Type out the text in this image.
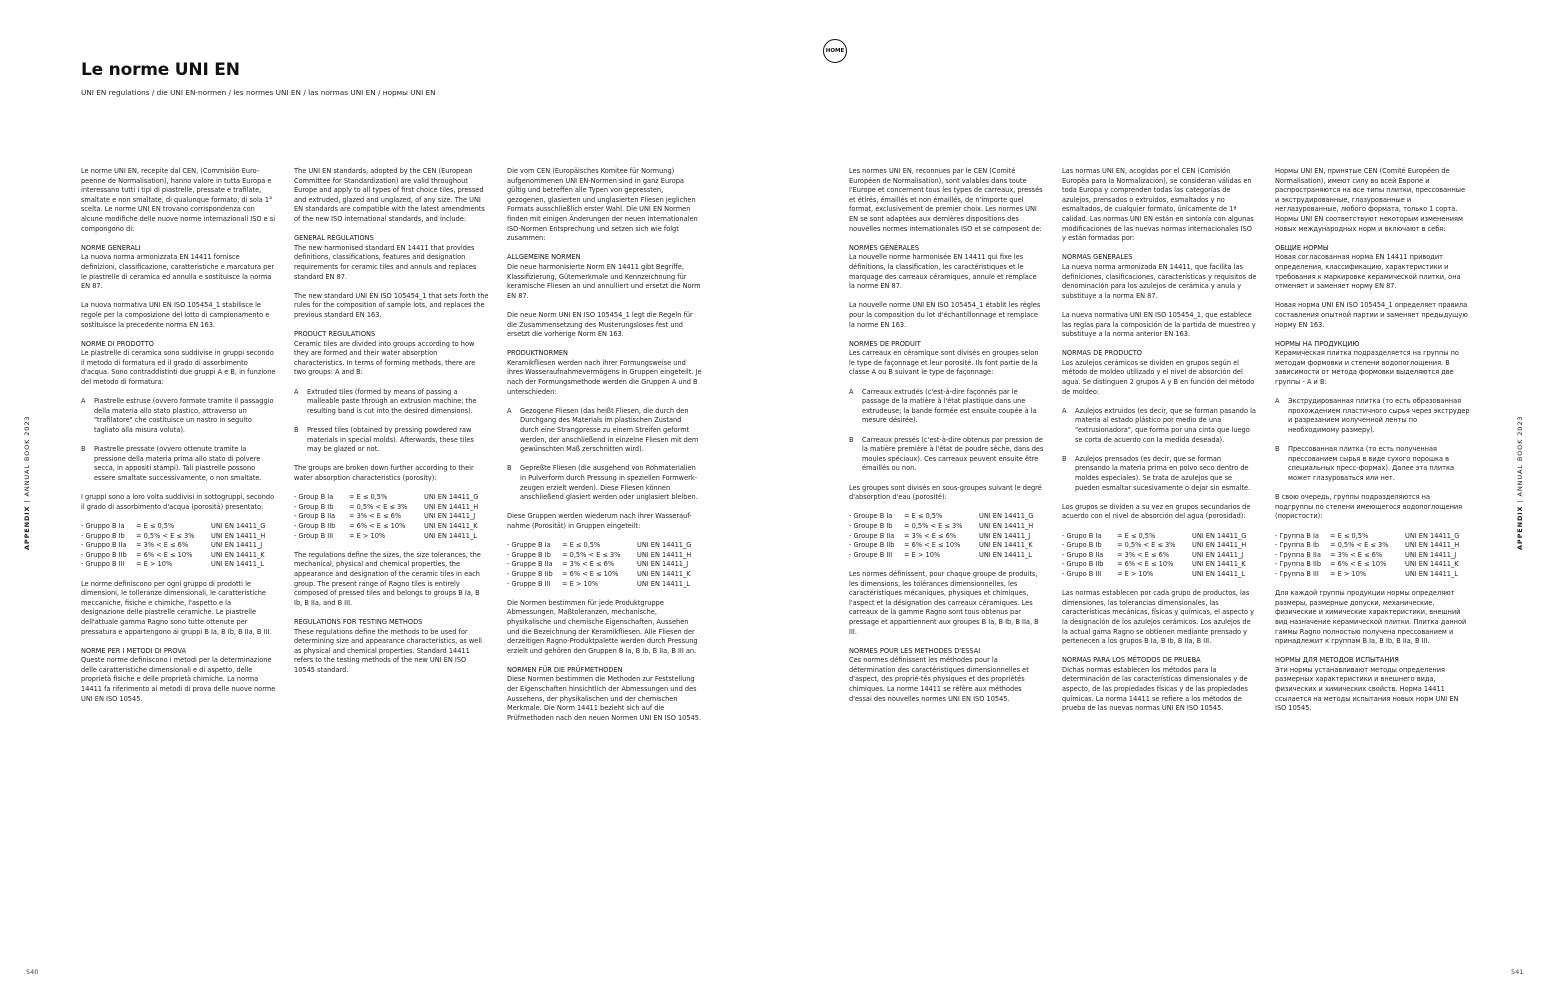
Le norme UNI EN

UNI EN regulations / die UNI EN-normen / les normes UNI EN / las normas UNI EN / нормы UNI EN

HOME
APPENDIX | ANNUAL BOOK 2023
APPENDIX | ANNUAL BOOK 2023
540	541

Le norme UNI EN, recepite dal CEN, (Commisiòn Euro-peenne de Normalisation), hanno valore in tutta Europa e interessano tutti i tipi di piastrelle, pressate e trafilate, smaltate e non smaltate, di qualunque formato, di sola 1° scelta. Le norme UNI EN trovano corrispondenza con alcune modifiche delle nuove norme internazionali ISO e si compongono di:

NORME GENERALI

La nuova norma armonizzata EN 14411 fornisce definizioni, classificazione, caratteristiche e marcatura per le piastrelle di ceramica ed annulla e sostituisce la norma EN 87.

La nuova normativa UNI EN ISO 105454_1 stabilisce le regole per la composizione del lotto di campionamento e sostituisce la precedente norma EN 163.

NORME DI PRODOTTO

Le piastrelle di ceramica sono suddivise in gruppi secondo il metodo di formatura ed il grado di assorbimento d'acqua. Sono contraddistinti due gruppi A e B, in funzione del metodo di formatura:

A	Piastrelle estruse (ovvero formate tramite il passaggio della materia allo stato plastico, attraverso un "trafilatore" che costituisce un nastro in seguito tagliato alla misura voluta).
B	Piastrelle pressate (ovvero ottenute tramite la pressione della materia prima allo stato di polvere secca, in appositi stampi). Tali piastrelle possono essere smaltate successivamente, o non smaltate.

I gruppi sono a loro volta suddivisi in sottogruppi, secondo il grado di assorbimento d'acqua (porosità) presentato:

- Gruppo B Ia	= E ≤ 0,5%	UNI EN 14411_G
- Gruppo B Ib	= 0,5% < E ≤ 3%	UNI EN 14411_H
- Gruppo B IIa	= 3% < E ≤ 6%	UNI EN 14411_J
- Gruppo B IIb	= 6% < E ≤ 10%	UNI EN 14411_K
- Gruppo B III	= E > 10%	UNI EN 14411_L

Le norme definiscono per ogni gruppo di prodotti le dimensioni, le tolleranze dimensionali, le caratteristiche meccaniche, fisiche e chimiche, l'aspetto e la designazione delle piastrelle ceramiche. Le piastrelle dell'attuale gamma Ragno sono tutte ottenute per pressatura e appartengono ai gruppi B Ia, B Ib, B IIa, B III.

NORME PER I METODI DI PROVA

Queste norme definiscono i metodi per la determinazione delle caratteristiche dimensionali e di aspetto, delle proprietà fisiche e delle proprietà chimiche. La norma 14411 fa riferimento ai metodi di prova delle nuove norme UNI EN ISO 10545.

The UNI EN standards, adopted by the CEN (European Committee for Standardization) are valid throughout Europe and apply to all types of first choice tiles, pressed and extruded, glazed and unglazed, of any size. The UNI EN standards are compatible with the latest amendments of the new ISO international standards, and include:

GENERAL REGULATIONS

The new harmonised standard EN 14411 that provides definitions, classifications, features and designation requirements for ceramic tiles and annuls and replaces standard EN 87.

The new standard UNI EN ISO 105454_1 that sets forth the rules for the composition of sample lots, and replaces the previous standard EN 163.

PRODUCT REGULATIONS

Ceramic tiles are divided into groups according to how they are formed and their water absorption characteristics. In terms of forming methods, there are two groups: A and B:

A	Extruded tiles (formed by means of passing a malleable paste through an extrusion machine; the resulting band is cut into the desired dimensions).
B	Pressed tiles (obtained by pressing powdered raw materials in special molds). Afterwards, these tiles may be glazed or not.

The groups are broken down further according to their water absorption characteristics (porosity):

- Group B Ia	= E ≤ 0,5%	UNI EN 14411_G
- Group B Ib	= 0,5% < E ≤ 3%	UNI EN 14411_H
- Group B IIa	= 3% < E ≤ 6%	UNI EN 14411_J
- Group B IIb	= 6% < E ≤ 10%	UNI EN 14411_K
- Group B III	= E > 10%	UNI EN 14411_L

The regulations define the sizes, the size tolerances, the mechanical, physical and chemical properties, the appearance and designation of the ceramic tiles in each group. The present range of Ragno tiles is entirely composed of pressed tiles and belongs to groups B Ia, B Ib, B IIa, and B III.

REGULATIONS FOR TESTING METHODS

These regulations define the methods to be used for determining size and appearance characteristics, as well as physical and chemical properties. Standard 14411 refers to the testing methods of the new UNI EN ISO 10545 standard.

Die vom CEN (Europäisches Komitee für Normung) aufgenommenen UNI EN-Normen sind in ganz Europa gültig und betreffen alle Typen von gepressten, gezogenen, glasierten und unglasierten Fliesen jeglichen Formats ausschließlich erster Wahl. Die UNI EN Normen finden mit einigen Änderungen der neuen internationalen ISO-Normen Entsprechung und setzen sich wie folgt zusammen:

ALLGEMEINE NORMEN

Die neue harmonisierte Norm EN 14411 gibt Begriffe, Klassifizierung, Gütemerkmale und Kennzeichnung für keramische Fliesen an und annulliert und ersetzt die Norm EN 87.

Die neue Norm UNI EN ISO 105454_1 legt die Regeln für die Zusammensetzung des Musterungsloses fest und ersetzt die vorherige Norm EN 163.

PRODUKTNORMEN

Keramikfliesen werden nach ihrer Formungsweise und ihres Wasseraufnahmevermögens in Gruppen eingeteilt. Je nach der Formungsmethode werden die Gruppen A und B unterschieden:

A	Gezogene Fliesen (das heißt Fliesen, die durch den Durchgang des Materials im plastischen Zustand durch eine Strangpresse zu einem Streifen geformt werden, der anschließend in einzelne Fliesen mit dem gewünschten Maß zerschnitten wird).
B	Gepreßte Fliesen (die ausgehend von Rohmaterialien in Pulverform durch Pressung in speziellen Formwerk- zeugen erzielt werden). Diese Fliesen können anschließend glasiert werden oder unglasiert bleiben.

Diese Gruppen werden wiederum nach ihrer Wasserauf-nahme (Porosität) in Gruppen eingeteilt:

- Gruppe B Ia	= E ≤ 0,5%	UNI EN 14411_G
- Gruppe B Ib	= 0,5% < E ≤ 3%	UNI EN 14411_H
- Gruppe B IIa	= 3% < E ≤ 6%	UNI EN 14411_J
- Gruppe B IIb	= 6% < E ≤ 10%	UNI EN 14411_K
- Gruppe B III	= E > 10%	UNI EN 14411_L

Die Normen bestimmen für jede Produktgruppe Abmessungen, Maßtoleranzen, mechanische, physikalische und chemische Eigenschaften, Aussehen und die Bezeichnung der Keramikfliesen. Alle Fliesen der derzeitigen Ragno-Produktpalette werden durch Pressung erzielt und gehören den Gruppen B Ia, B Ib, B IIa, B III an.

NORMEN FÜR DIE PRÜFMETHODEN

Diese Normen bestimmen die Methoden zur Feststellung der Eigenschaften hinsichtlich der Abmessungen und des Aussehens, der physikalischen und der chemischen Merkmale. Die Norm 14411 bezieht sich auf die Prüfmethoden nach den neuen Normen UNI EN ISO 10545.

Les normes UNI EN, reconnues par le CEN (Comité Européen de Normalisation), sont valables dans toute l'Europe et concernent tous les types de carreaux, pressés et étirés, émaillés et non émaillés, de n'importe quel format, exclusivement de premier choix. Les normes UNI EN se sont adaptées aux dernières dispositions des nouvelles normes internationales ISO et se composent de:

NORMES GÉNÉRALES

La nouvelle norme harmonisée EN 14411 qui fixe les définitions, la classification, les caractéristiques et le marquage des carreaux céramiques, annule et remplace la norme EN 87.

La nouvelle norme UNI EN ISO 105454_1 établit les règles pour la composition du lot d'échantillonnage et remplace la norme EN 163.

NORMES DE PRODUIT

Les carreaux en céramique sont divisés en groupes selon le type de façonnage et leur porosité. Ils font partie de la classe A ou B suivant le type de façonnage:

A	Carreaux extrudés (c'est-à-dire façonnés par le passage de la matière à l'état plastique dans une extrudeuse; la bande formée est ensuite coupée à la mesure désirée).
B	Carreaux pressés (c'est-à-dire obtenus par pression de la matière première à l'état de poudre sèche, dans des moules spéciaux). Ces carreaux peuvent ensuite être émaillés ou non.

Les groupes sont divisés en sous-groupes suivant le degré d'absorption d'eau (porosité):

- Groupe B Ia	= E ≤ 0,5%	UNI EN 14411_G
- Groupe B Ib	= 0,5% < E ≤ 3%	UNI EN 14411_H
- Groupe B IIa	= 3% < E ≤ 6%	UNI EN 14411_J
- Groupe B IIb	= 6% < E ≤ 10%	UNI EN 14411_K
- Groupe B III	= E > 10%	UNI EN 14411_L

Les normes définissent, pour chaque groupe de produits, les dimensions, les tolérances dimensionnelles, les caractéristiques mécaniques, physiques et chimiques, l'aspect et la désignation des carreaux céramiques. Les carreaux de la gamme Ragno sont tous obtenus par pressage et appartiennent aux groupes B Ia, B Ib, B IIa, B III.

NORMES POUR LES METHODES D'ESSAI

Ces normes définissent les méthodes pour la détermination des caractéristiques dimensionnelles et d'aspect, des proprié-tés physiques et des propriétés chimiques. La norme 14411 se réfère aux méthodes d'essai des nouvelles normes UNI EN ISO 10545.

Las normas UNI EN, acogidas por el CEN (Comisión Europèa para la Normalización), se consideran válidas en toda Europa y comprenden todas las categorías de azulejos, prensados o extruidos, esmaltados y no esmaltados, de cualquier formato, únicamente de 1ª calidad. Las normas UNI EN están en sintonía con algunas modificaciones de las nuevas normas internacionales ISO y están formadas por:

NORMAS GENERALES

La nueva norma armonizada EN 14411, que facilita las definiciones, clasificaciones, características y requisitos de denominación para los azulejos de cerámica y anula y substituye a la norma EN 87.

La nueva normativa UNI EN ISO 105454_1, que establece las reglas para la composición de la partida de muestreo y substituye a la norma anterior EN 163.

NORMAS DE PRODUCTO

Los azulejos cerámicos se dividen en grupos según el método de moldeo utilizado y el nivel de absorción del agua. Se distinguen 2 grupos A y B en función del método de moldeo:

A	Azulejos extruidos (es decir, que se forman pasando la materia al estado plástico por medio de una "extrusionadora", que forma por una cinta que luego se corta de acuerdo con la medida deseada).
B	Azulejos prensados (es decir, que se forman prensando la materia prima en polvo seco dentro de moldes especiales). Se trata de azulejos que se pueden esmaltar sucesivamente o dejar sin esmalte.

Los grupos se dividen a su vez en grupos secundarios de acuerdo con el nivel de absorción del agua (porosidad):

- Grupo B Ia	= E ≤ 0,5%	UNI EN 14411_G
- Grupo B Ib	= 0,5% < E ≤ 3%	UNI EN 14411_H
- Grupo B IIa	= 3% < E ≤ 6%	UNI EN 14411_J
- Grupo B IIb	= 6% < E ≤ 10%	UNI EN 14411_K
- Grupo B III	= E > 10%	UNI EN 14411_L

Las normas establecen por cada grupo de productos, las dimensiones, las tolerancias dimensionales, las características mecánicas, físicas y químicas, el aspecto y la designación de los azulejos cerámicos. Los azulejos de la actual gama Ragno se obtienen mediante prensado y pertenecen a los grupos B Ia, B Ib, B IIa, B III.

NORMAS PARA LOS MÉTODOS DE PRUEBA

Dichas normas establecen los métodos para la determinación de las características dimensionales y de aspecto, de las propiedades físicas y de las propiedades químicas. La norma 14411 se refiere a los métodos de prueba de las nuevas normas UNI EN ISO 10545.

Нормы UNI EN, принятые CEN (Comité Européen de Normalisation), имеют силу во всей Европе и распространяются на все типы плитки, прессованные и экструдированные, глазурованные и неглазурованные, любого формата, только 1 сорта. Нормы UNI EN соответствуют некоторым изменениям новых международных норм и включают в себя:

ОБЩИЕ НОРМЫ

Новая согласованная норма EN 14411 приводит определения, классификацию, характеристики и требования к маркировке керамической плитки, она отменяет и заменяет норму EN 87.

Новая норма UNI EN ISO 105454_1 определяет правила составления опытной партии и заменяет предыдущую норму EN 163.

НОРМЫ НА ПРОДУКЦИЮ

Керамическая плитка подразделяется на группы по методам формовки и степени водопоглощения. В зависимости от метода формовки выделяются две группы - А и В:

A	Экструдированная плитка (то есть образованная прохождением пластичного сырья через экструдер и разрезанием иолученной ленты по необходимому размеру).
B	Прессованная плитка (то есть полученная прессованием сырья в виде сухого порошка в специальных пресс-формах). Далее эта плитка может глазуроваться или нет.

В свою очередь, группы подразделяются на подгруппы по степени имеющегося водопоглощения (пористости):

- Группа B Ia	= E ≤ 0,5%	UNI EN 14411_G
- Группа B Ib	= 0,5% < E ≤ 3%	UNI EN 14411_H
- Группа B IIa	= 3% < E ≤ 6%	UNI EN 14411_J
- Группа B IIb	= 6% < E ≤ 10%	UNI EN 14411_K
- Группа B III	= E > 10%	UNI EN 14411_L

Для каждой группы продукции нормы определяют размеры, размерные допуски, механические, физические и химические характеристики, внешний вид назначение керамической плитки. Плитка данной гаммы Ragno полностью получена прессованием и принадлежит к группам B Ia, B Ib, B IIa, B III.

НОРМЫ ДЛЯ МЕТОДОВ ИСПЫТАНИЯ

Эти нормы устанавливают методы определения размерных характеристики и внешнего вида, физических и химических свойств. Норма 14411 ссылается на методы испытания новых норм UNI EN ISO 10545.
